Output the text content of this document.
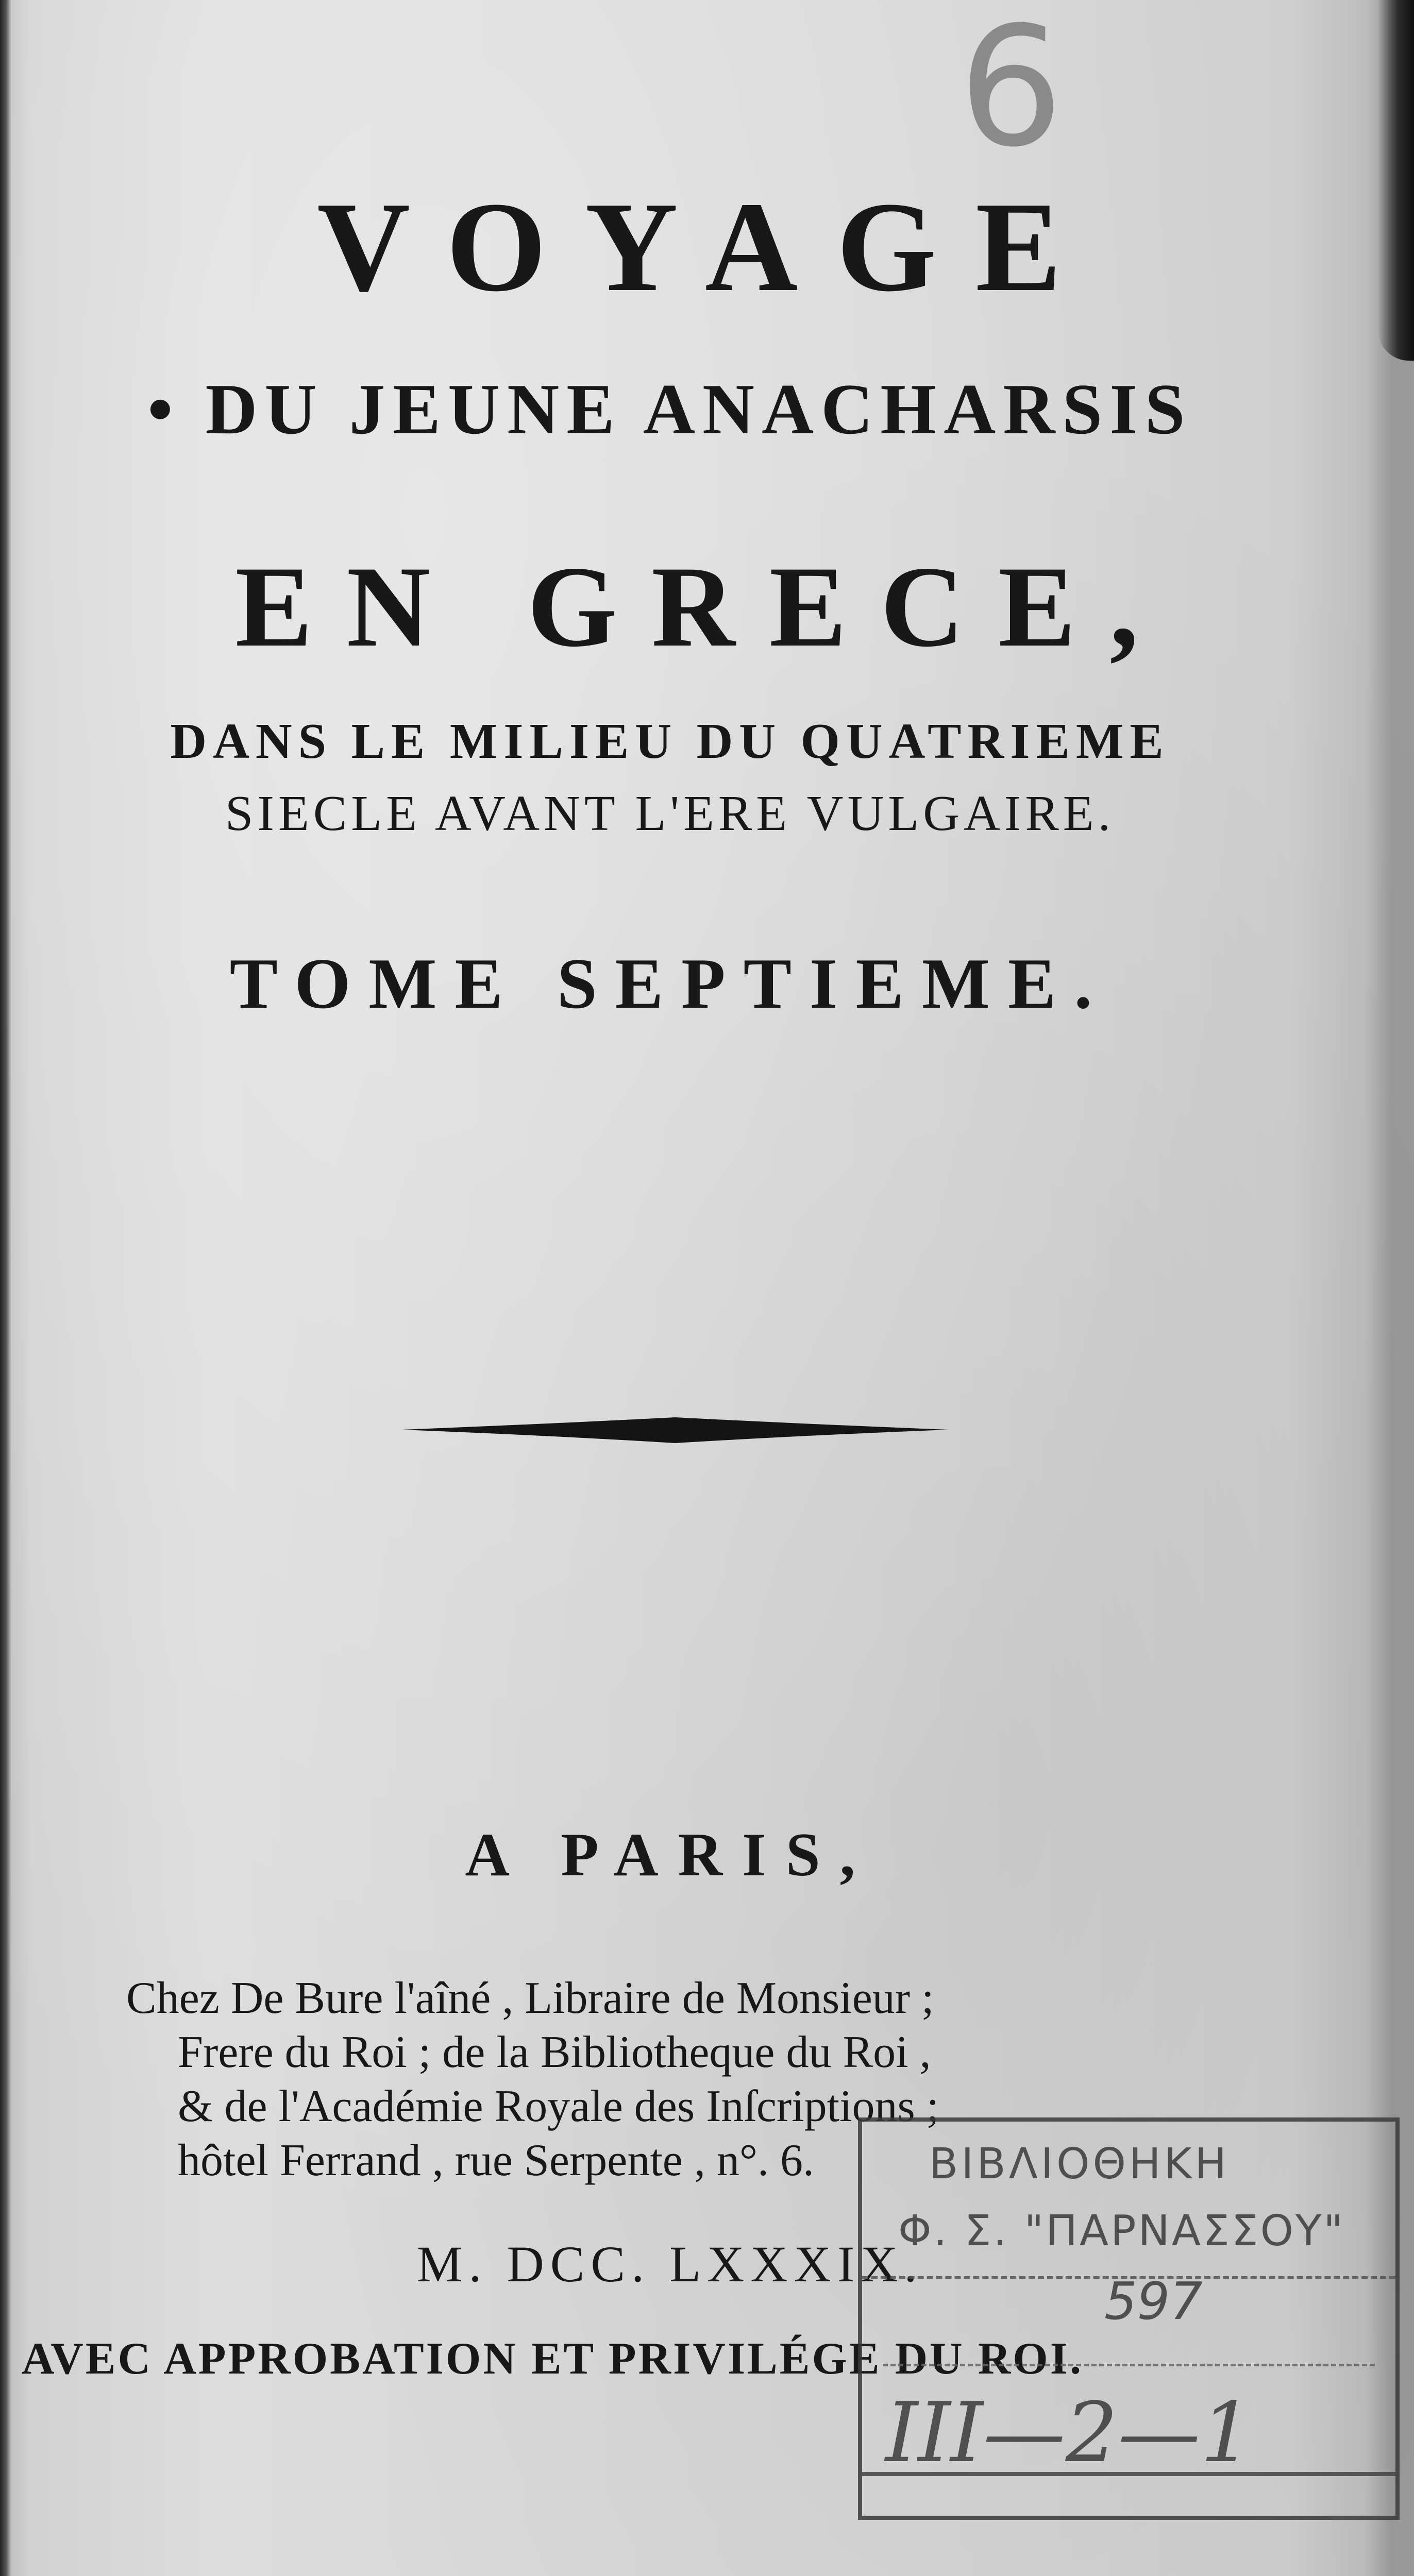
6
VOYAGE
• DU JEUNE ANACHARSIS
EN GRECE,
DANS LE MILIEU DU QUATRIEME
SIECLE AVANT L'ERE VULGAIRE.
TOME SEPTIEME.
A PARIS,
Chez De Bure l'aîné , Libraire de Monsieur ;
Frere du Roi ; de la Bibliotheque du Roi ,
& de l'Académie Royale des Inſcriptions ;
hôtel Ferrand , rue Serpente , n°. 6.
M. DCC. LXXXIX.
AVEC APPROBATION ET PRIVILÉGE DU ROI.
ΒΙΒΛΙΟΘΗΚΗ
Φ. Σ. "ΠΑΡΝΑΣΣΟΥ"
597
III—2—1
